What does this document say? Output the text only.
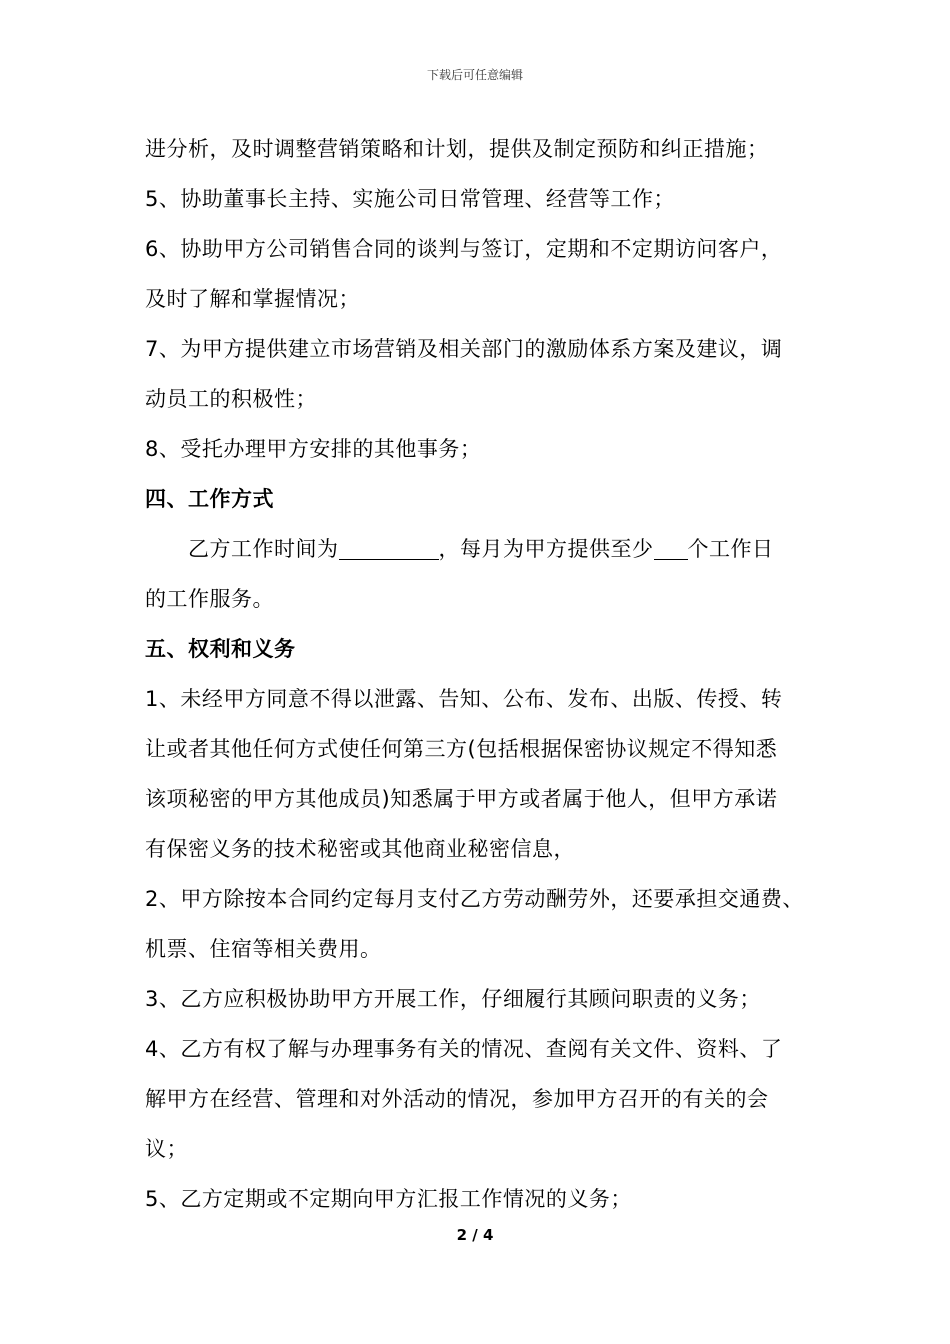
下载后可任意编辑
进分析，及时调整营销策略和计划，提供及制定预防和纠正措施；
5、协助董事长主持、实施公司日常管理、经营等工作；
6、协助甲方公司销售合同的谈判与签订，定期和不定期访问客户，
及时了解和掌握情况；
7、为甲方提供建立市场营销及相关部门的激励体系方案及建议，调
动员工的积极性；
8、受托办理甲方安排的其他事务；
四、工作方式
乙方工作时间为	，每月为甲方提供至少 个工作日
的工作服务。
五、权利和义务
1、未经甲方同意不得以泄露、告知、公布、发布、出版、传授、转
让或者其他任何方式使任何第三方(包括根据保密协议规定不得知悉
该项秘密的甲方其他成员)知悉属于甲方或者属于他人，但甲方承诺
有保密义务的技术秘密或其他商业秘密信息，
2、甲方除按本合同约定每月支付乙方劳动酬劳外，还要承担交通费、
机票、住宿等相关费用。
3、乙方应积极协助甲方开展工作，仔细履行其顾问职责的义务；
4、乙方有权了解与办理事务有关的情况、查阅有关文件、资料、了
解甲方在经营、管理和对外活动的情况，参加甲方召开的有关的会
议；
5、乙方定期或不定期向甲方汇报工作情况的义务；
2 / 4
